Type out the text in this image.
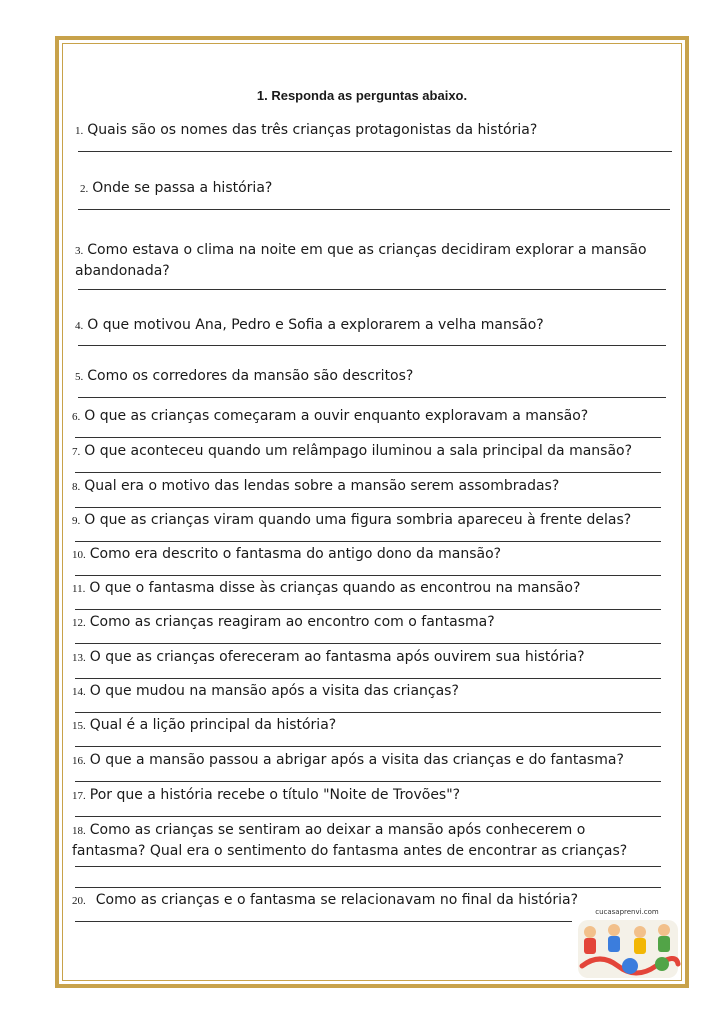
1. Responda as perguntas abaixo.
1. Quais são os nomes das três crianças protagonistas da história?
2. Onde se passa a história?
3. Como estava o clima na noite em que as crianças decidiram explorar a mansão abandonada?
4. O que motivou Ana, Pedro e Sofia a explorarem a velha mansão?
5. Como os corredores da mansão são descritos?
6. O que as crianças começaram a ouvir enquanto exploravam a mansão?
7. O que aconteceu quando um relâmpago iluminou a sala principal da mansão?
8. Qual era o motivo das lendas sobre a mansão serem assombradas?
9. O que as crianças viram quando uma figura sombria apareceu à frente delas?
10. Como era descrito o fantasma do antigo dono da mansão?
11. O que o fantasma disse às crianças quando as encontrou na mansão?
12. Como as crianças reagiram ao encontro com o fantasma?
13. O que as crianças ofereceram ao fantasma após ouvirem sua história?
14. O que mudou na mansão após a visita das crianças?
15. Qual é a lição principal da história?
16. O que a mansão passou a abrigar após a visita das crianças e do fantasma?
17. Por que a história recebe o título "Noite de Trovões"?
18. Como as crianças se sentiram ao deixar a mansão após conhecerem o fantasma? Qual era o sentimento do fantasma antes de encontrar as crianças?
20. Como as crianças e o fantasma se relacionavam no final da história?
cucasaprenvi.com
